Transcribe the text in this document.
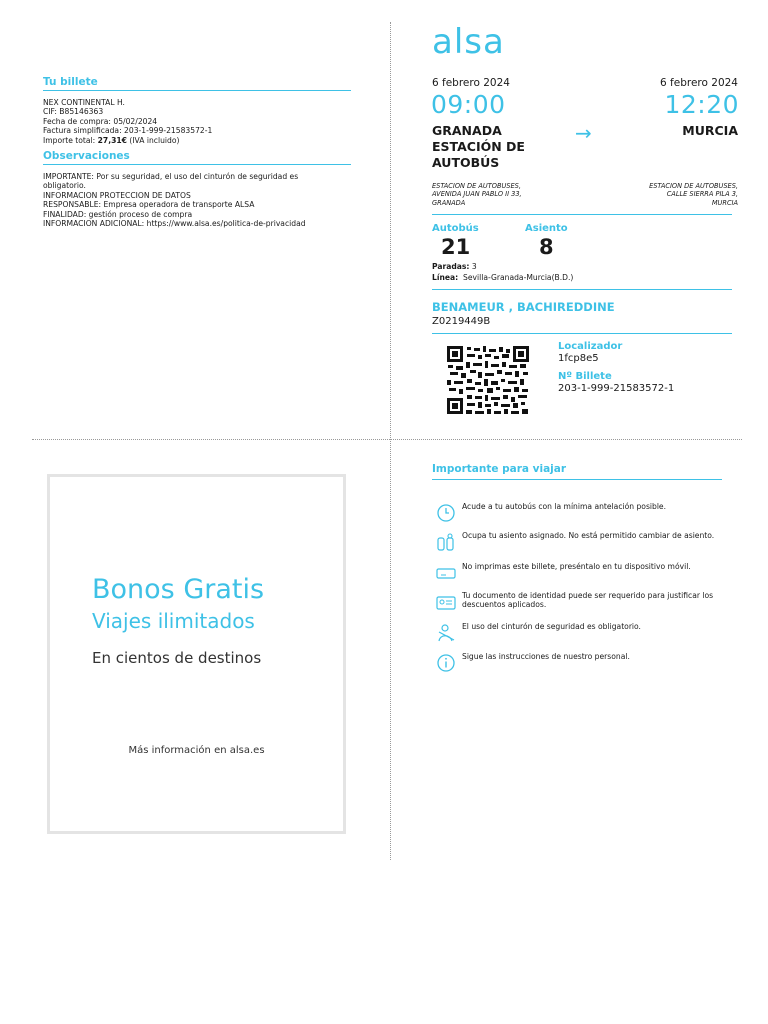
Tu billete
NEX CONTINENTAL H.
CIF: B85146363
Fecha de compra: 05/02/2024
Factura simplificada: 203-1-999-21583572-1
Importe total: 27,31€ (IVA incluido)
Observaciones
IMPORTANTE: Por su seguridad, el uso del cinturón de seguridad es
obligatorio.
INFORMACION PROTECCION DE DATOS
RESPONSABLE: Empresa operadora de transporte ALSA
FINALIDAD: gestión proceso de compra
INFORMACION ADICIONAL: https://www.alsa.es/politica-de-privacidad
alsa
6 febrero 2024	6 febrero 2024
09:00	12:20
GRANADA
ESTACIÓN DE
AUTOBÚS
→	MURCIA
ESTACION DE AUTOBUSES,
AVENIDA JUAN PABLO II 33,
GRANADA
ESTACION DE AUTOBUSES,
CALLE SIERRA PILA 3,
MURCIA
Autobús
21
Asiento
8
Paradas: 3
Línea: Sevilla-Granada-Murcia(B.D.)
BENAMEUR , BACHIREDDINE
Z0219449B
Localizador
1fcp8e5
Nº Billete
203-1-999-21583572-1
Bonos Gratis
Viajes ilimitados
En cientos de destinos
Más información en alsa.es
Importante para viajar
Acude a tu autobús con la mínima antelación posible.
Ocupa tu asiento asignado. No está permitido cambiar de asiento.
No imprimas este billete, preséntalo en tu dispositivo móvil.
Tu documento de identidad puede ser requerido para justificar los descuentos aplicados.
El uso del cinturón de seguridad es obligatorio.
Sigue las instrucciones de nuestro personal.
